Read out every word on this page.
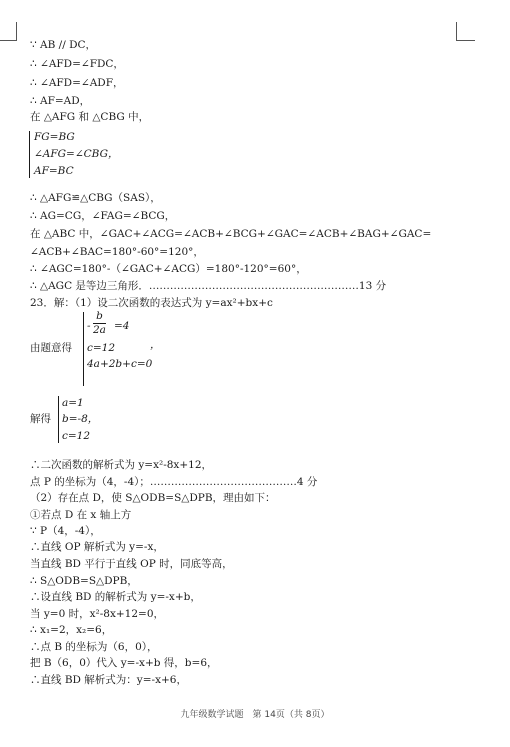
∵ AB // DC，
∴ ∠AFD=∠FDC，
∴ ∠AFD=∠ADF，
∴ AF=AD，
在 △AFG 和 △CBG 中，
FG=BG
∠AFG=∠CBG，
AF=BC
∴ △AFG≌△CBG（SAS），
∴ AG=CG，∠FAG=∠BCG，
在 △ABC 中，∠GAC+∠ACG=∠ACB+∠BCG+∠GAC=∠ACB+∠BAG+∠GAC=
∠ACB+∠BAC=180°-60°=120°，
∴ ∠AGC=180°-（∠GAC+∠ACG）=180°-120°=60°，
∴ △AGC 是等边三角形．……………………………………………………13 分
23．解：（1）设二次函数的表达式为 y=ax²+bx+c
由题意得
- $\frac{b}{2a} =4$
c=12
4a+2b+c=0
，
解得
a=1
b=-8，
c=12
∴二次函数的解析式为 y=x²-8x+12，
点 P 的坐标为（4，-4）；……………………………………4 分
（2）存在点 D，使 S△ODB=S△DPB，理由如下：
①若点 D 在 x 轴上方
∵ P（4，-4），
∴直线 OP 解析式为 y=-x，
当直线 BD 平行于直线 OP 时，同底等高，
∴ S△ODB=S△DPB，
∴设直线 BD 的解析式为 y=-x+b，
当 y=0 时，x²-8x+12=0，
∴ x₁=2，x₂=6，
∴点 B 的坐标为（6，0），
把 B（6，0）代入 y=-x+b 得，b=6，
∴直线 BD 解析式为：y=-x+6，
九年级数学试题　第 14页（共 8页）
